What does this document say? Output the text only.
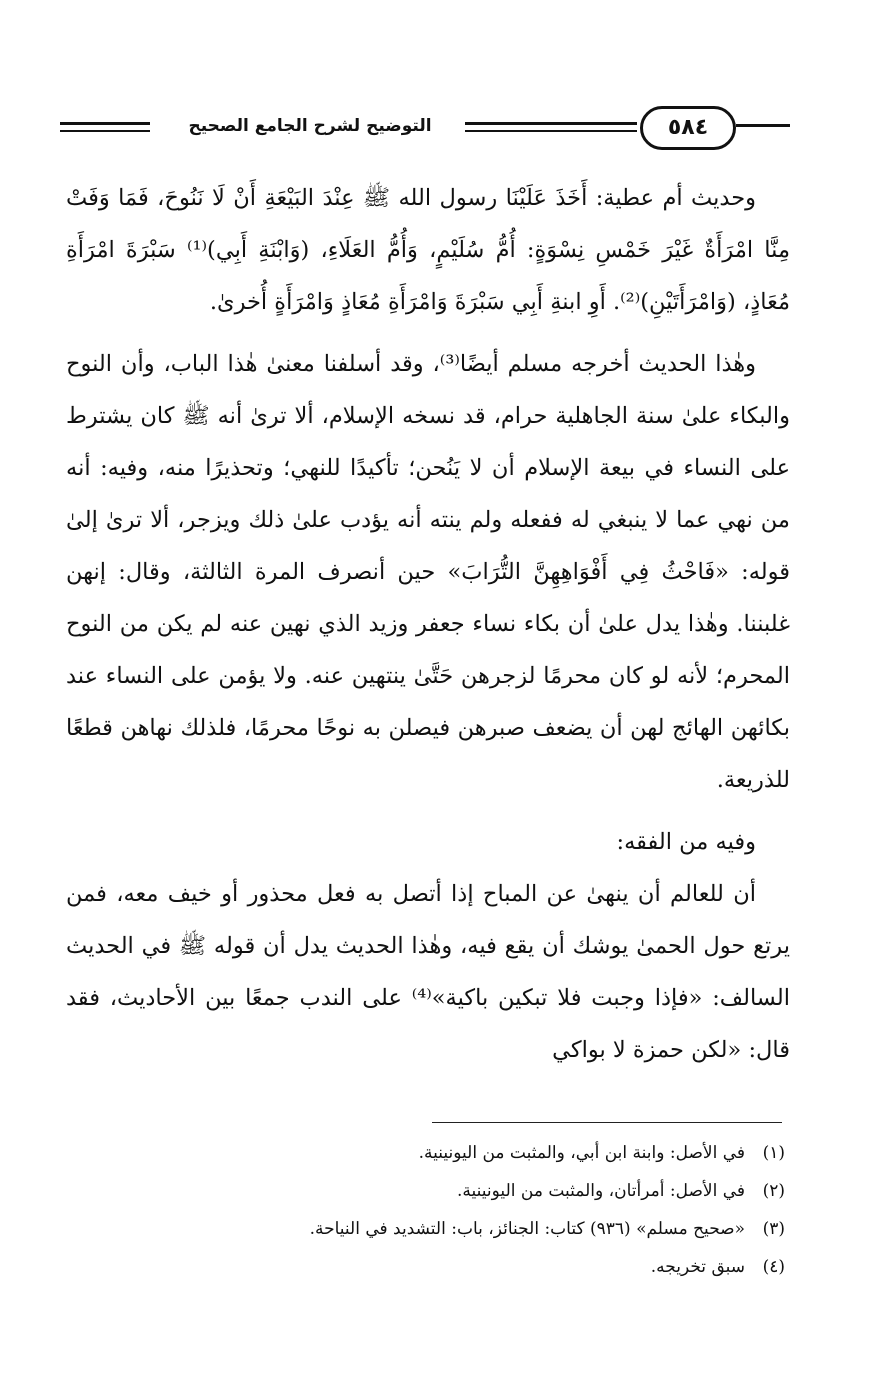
التوضيح لشرح الجامع الصحيح	٥٨٤

وحديث أم عطية: أَخَذَ عَلَيْنَا رسول الله ﷺ عِنْدَ البَيْعَةِ أَنْ لَا نَنُوحَ، فَمَا وَفَتْ مِنَّا امْرَأَةٌ غَيْرَ خَمْسِ نِسْوَةٍ: أُمُّ سُلَيْمٍ، وَأُمُّ العَلَاءِ، (وَابْنَةِ أَبِي)⁽¹⁾ سَبْرَةَ امْرَأَةِ مُعَاذٍ، (وَامْرَأَتَيْنِ)⁽²⁾. أَوِ ابنةِ أَبِي سَبْرَةَ وَامْرَأَةِ مُعَاذٍ وَامْرَأَةٍ أُخرىٰ.

وهٰذا الحديث أخرجه مسلم أيضًا⁽³⁾، وقد أسلفنا معنىٰ هٰذا الباب، وأن النوح والبكاء علىٰ سنة الجاهلية حرام، قد نسخه الإسلام، ألا ترىٰ أنه ﷺ كان يشترط على النساء في بيعة الإسلام أن لا يَنُحن؛ تأكيدًا للنهي؛ وتحذيرًا منه، وفيه: أنه من نهي عما لا ينبغي له ففعله ولم ينته أنه يؤدب علىٰ ذلك ويزجر، ألا ترىٰ إلىٰ قوله: «فَاحْثُ فِي أَفْوَاهِهِنَّ التُّرَابَ» حين أنصرف المرة الثالثة، وقال: إنهن غلبننا. وهٰذا يدل علىٰ أن بكاء نساء جعفر وزيد الذي نهين عنه لم يكن من النوح المحرم؛ لأنه لو كان محرمًا لزجرهن حَتَّىٰ ينتهين عنه. ولا يؤمن على النساء عند بكائهن الهائج لهن أن يضعف صبرهن فيصلن به نوحًا محرمًا، فلذلك نهاهن قطعًا للذريعة.

وفيه من الفقه:

أن للعالم أن ينهىٰ عن المباح إذا أتصل به فعل محذور أو خيف معه، فمن يرتع حول الحمىٰ يوشك أن يقع فيه، وهٰذا الحديث يدل أن قوله ﷺ في الحديث السالف: «فإذا وجبت فلا تبكين باكية»⁽⁴⁾ على الندب جمعًا بين الأحاديث، فقد قال: «لكن حمزة لا بواكي

(١)في الأصل: وابنة ابن أبي، والمثبت من اليونينية.
(٢)في الأصل: أمرأتان، والمثبت من اليونينية.
(٣)«صحيح مسلم» (٩٣٦) كتاب: الجنائز، باب: التشديد في النياحة.
(٤)سبق تخريجه.
